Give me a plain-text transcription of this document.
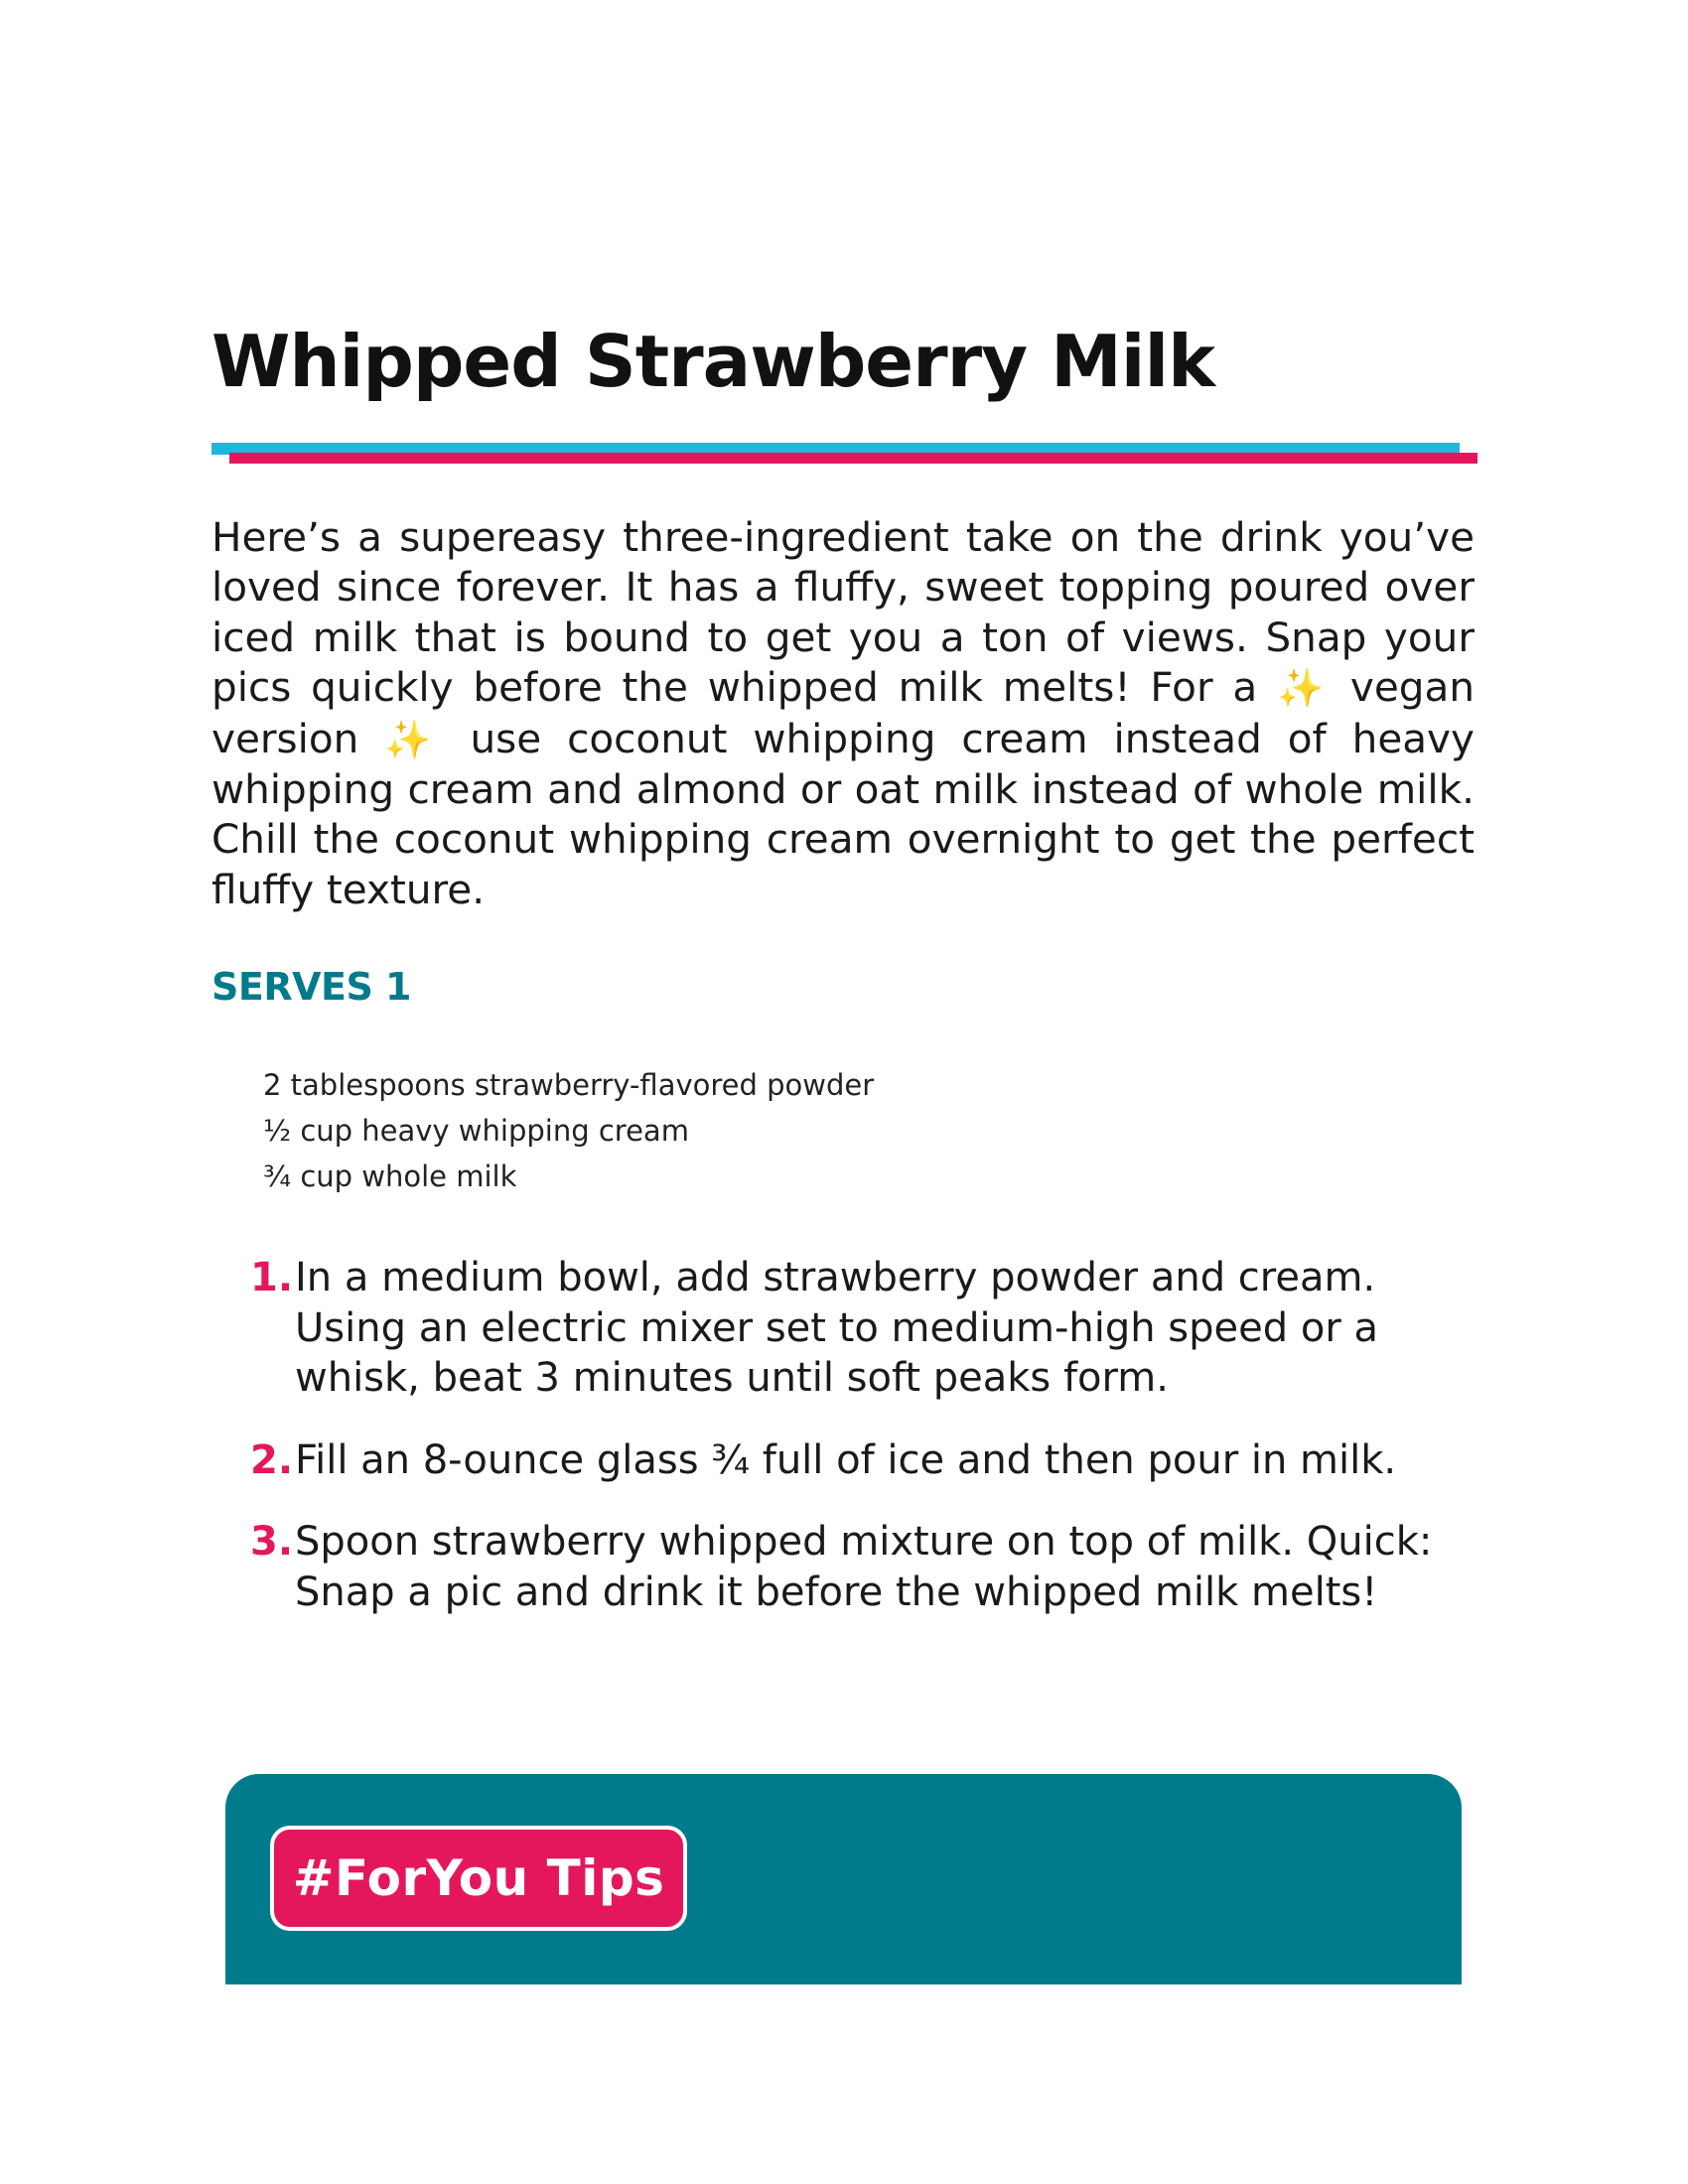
Whipped Strawberry Milk

Here’s a supereasy three-ingredient take on the drink you’ve loved since forever. It has a fluffy, sweet topping poured over iced milk that is bound to get you a ton of views. Snap your pics quickly before the whipped milk melts! For a ✨ vegan version ✨ use coconut whipping cream instead of heavy whipping cream and almond or oat milk instead of whole milk. Chill the coconut whipping cream overnight to get the perfect fluffy texture.

SERVES 1
2 tablespoons strawberry-flavored powder
½ cup heavy whipping cream
¾ cup whole milk
1. In a medium bowl, add strawberry powder and cream. Using an electric mixer set to medium-high speed or a whisk, beat 3 minutes until soft peaks form.
2. Fill an 8-ounce glass ¾ full of ice and then pour in milk.
3. Spoon strawberry whipped mixture on top of milk. Quick: Snap a pic and drink it before the whipped milk melts!
#ForYou Tips
